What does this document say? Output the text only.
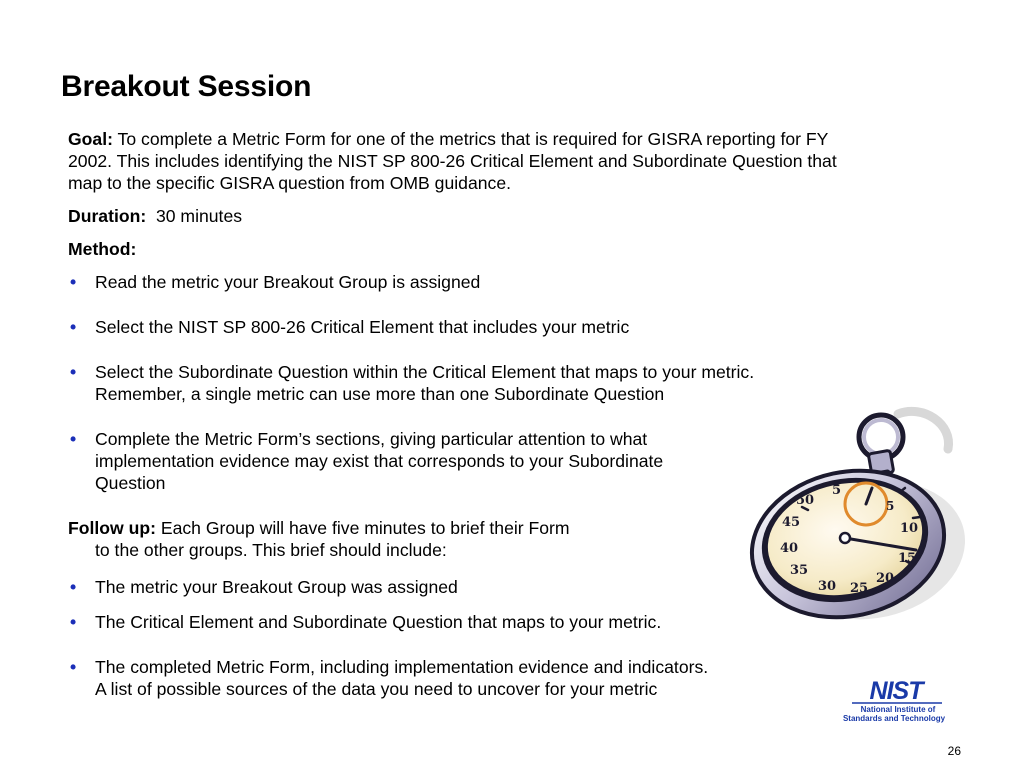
Breakout Session

Goal: To complete a Metric Form for one of the metrics that is required for GISRA reporting for FY
2002. This includes identifying the NIST SP 800-26 Critical Element and Subordinate Question that
map to the specific GISRA question from OMB guidance.

Duration: 30 minutes

Method:

• Read the metric your Breakout Group is assigned
• Select the NIST SP 800-26 Critical Element that includes your metric
• Select the Subordinate Question within the Critical Element that maps to your metric.
Remember, a single metric can use more than one Subordinate Question
• Complete the Metric Form’s sections, giving particular attention to what
implementation evidence may exist that corresponds to your Subordinate
Question

Follow up: Each Group will have five minutes to brief their Form
to the other groups. This brief should include:

• The metric your Breakout Group was assigned
• The Critical Element and Subordinate Question that maps to your metric.
• The completed Metric Form, including implementation evidence and indicators.
A list of possible sources of the data you need to uncover for your metric
5
10
15
20
25
30
35
40
45
50	5
NIST
National Institute of
Standards and Technology
26
